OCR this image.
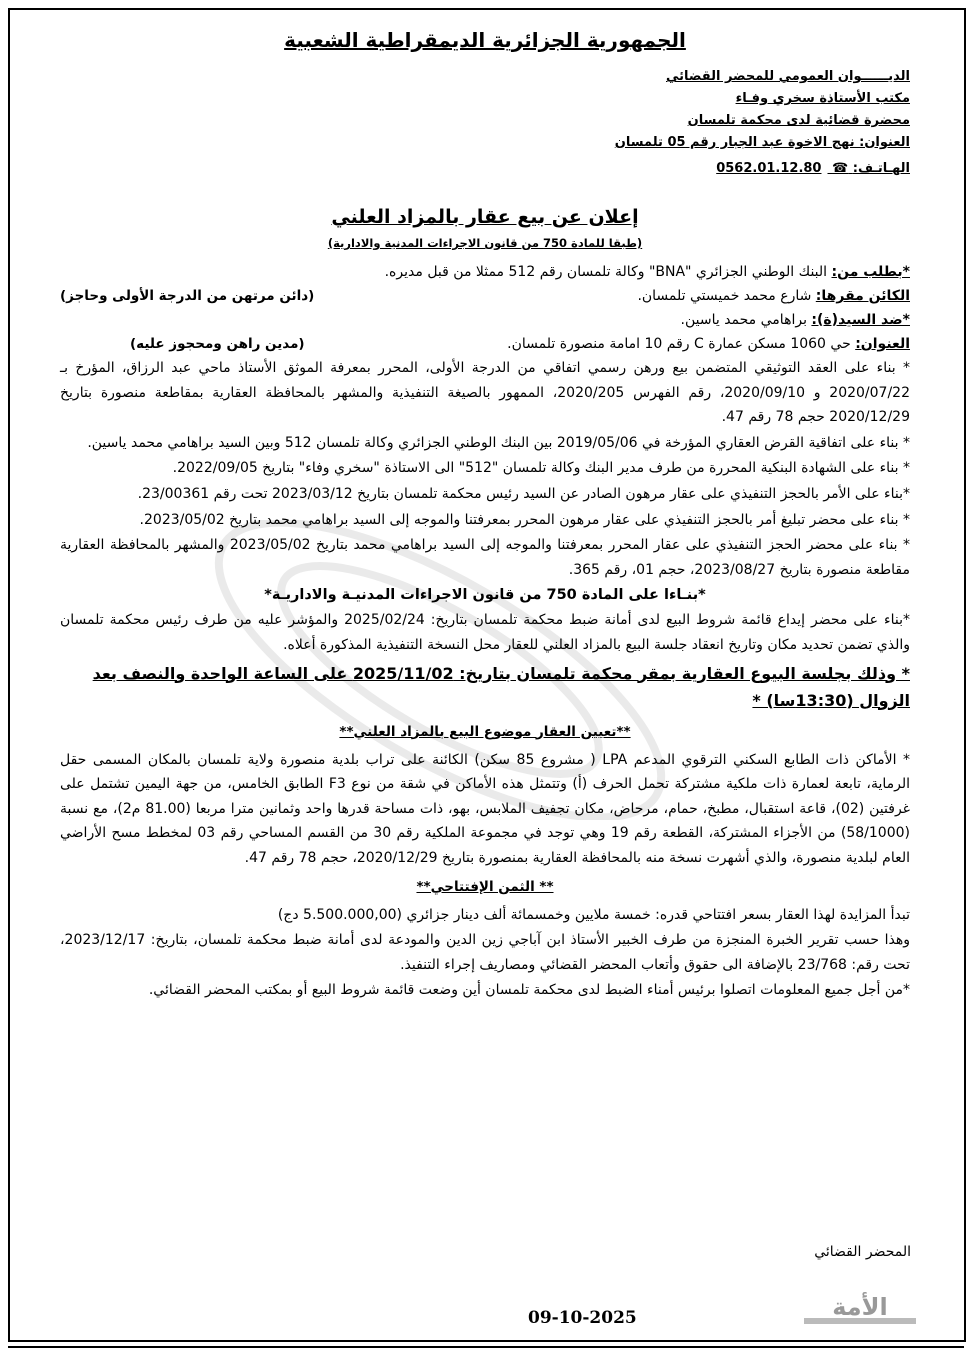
الجمهورية الجزائرية الديمقراطية الشعبية
الديــــــوان العمومي للمحضر القضائي
مكتب الأستاذة سخري وفـاء
محضرة قضائية لدى محكمة تلمسان
العنوان: نهج الاخوة عبد الجبار رقم 05 تلمسان
الهـاتـف: ☎ 0562.01.12.80
إعلان عن بيع عقار بالمزاد العلني
(طبقا للمادة 750 من قانون الاجراءات المدنية والادارية)
*بطلب من: البنك الوطني الجزائري "BNA" وكالة تلمسان رقم 512 ممثلا من قبل مديره.
الكائن مقرها: شارع محمد خميستي تلمسان.
(دائن مرتهن من الدرجة الأولى وحاجز)
*ضد السيد(ة): براهامي محمد ياسين.
العنوان: حي 1060 مسكن عمارة C رقم 10 امامة منصورة تلمسان.
(مدين راهن ومحجوز عليه)

* بناء على العقد التوثيقي المتضمن بيع ورهن رسمي اتفاقي من الدرجة الأولى، المحرر بمعرفة الموثق الأستاذ ماحي عبد الرزاق، المؤرخ بـ 2020/07/22 و 2020/09/10، رقم الفهرس 2020/205، الممهور بالصيغة التنفيذية والمشهر بالمحافظة العقارية بمقاطعة منصورة بتاريخ 2020/12/29 حجم 78 رقم 47.

* بناء على اتفاقية القرض العقاري المؤرخة في 2019/05/06 بين البنك الوطني الجزائري وكالة تلمسان 512 وبين السيد براهامي محمد ياسين.

* بناء على الشهادة البنكية المحررة من طرف مدير البنك وكالة تلمسان "512" الى الاستاذة "سخري وفاء" بتاريخ 2022/09/05.

*بناء على الأمر بالحجز التنفيذي على عقار مرهون الصادر عن السيد رئيس محكمة تلمسان بتاريخ 2023/03/12 تحت رقم 23/00361.

* بناء على محضر تبليغ أمر بالحجز التنفيذي على عقار مرهون المحرر بمعرفتنا والموجه إلى السيد براهامي محمد بتاريخ 2023/05/02.

* بناء على محضر الحجز التنفيذي على عقار المحرر بمعرفتنا والموجه إلى السيد براهامي محمد بتاريخ 2023/05/02 والمشهر بالمحافظة العقارية مقاطعة منصورة بتاريخ 2023/08/27، حجم 01، رقم 365.

*بنـاءا على المادة 750 من قانون الاجراءات المدنيـة والاداريـة*

*بناء على محضر إيداع قائمة شروط البيع لدى أمانة ضبط محكمة تلمسان بتاريخ: 2025/02/24 والمؤشر عليه من طرف رئيس محكمة تلمسان والذي تضمن تحديد مكان وتاريخ انعقاد جلسة البيع بالمزاد العلني للعقار محل النسخة التنفيذية المذكورة أعلاه.

* وذلك بجلسة البيوع العقارية بمقر محكمة تلمسان بتاريخ: 2025/11/02 على الساعة الواحدة والنصف بعد الزوال (13:30سا) *
**تعيين العقار موضوع البيع بالمزاد العلني**

* الأماكن ذات الطابع السكني الترقوي المدعم LPA ( مشروع 85 سكن) الكائنة على تراب بلدية منصورة ولاية تلمسان بالمكان المسمى حقل الرماية، تابعة لعمارة ذات ملكية مشتركة تحمل الحرف (أ) وتتمثل هذه الأماكن في شقة من نوع F3 الطابق الخامس، من جهة اليمين تشتمل على غرفتين (02)، قاعة استقبال، مطبخ، حمام، مرحاض، مكان تجفيف الملابس، بهو، ذات مساحة قدرها واحد وثمانين مترا مربعا (81.00 م2)، مع نسبة (58/1000) من الأجزاء المشتركة، القطعة رقم 19 وهي توجد في مجموعة الملكية رقم 30 من القسم المساحي رقم 03 لمخطط مسح الأراضي العام لبلدية منصورة، والذي أشهرت نسخة منه بالمحافظة العقارية بمنصورة بتاريخ 2020/12/29، حجم 78 رقم 47.

** الثمن الإفتتاحي**

تبدأ المزايدة لهذا العقار بسعر افتتاحي قدره: خمسة ملايين وخمسمائة ألف دينار جزائري (5.500.000,00 دج)

وهذا حسب تقرير الخبرة المنجزة من طرف الخبير الأستاذ ابن آباجي زين الدين والمودعة لدى أمانة ضبط محكمة تلمسان، بتاريخ: 2023/12/17، تحت رقم: 23/768 بالإضافة الى حقوق وأتعاب المحضر القضائي ومصاريف إجراء التنفيذ.

*من أجل جميع المعلومات اتصلوا برئيس أمناء الضبط لدى محكمة تلمسان أين وضعت قائمة شروط البيع أو بمكتب المحضر القضائي.

المحضر القضائي
09-10-2025	الأمة
